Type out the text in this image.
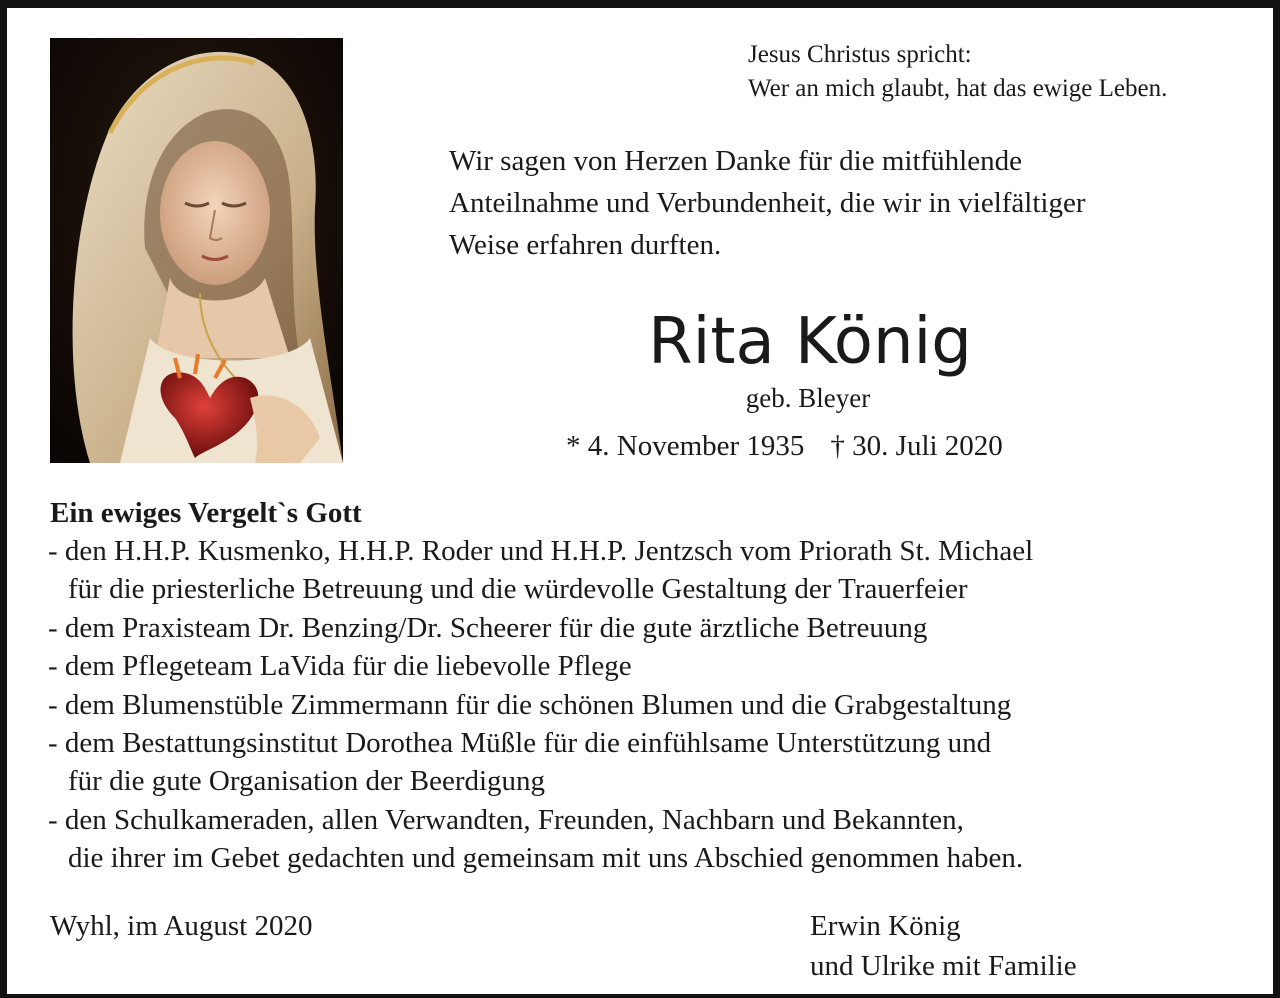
Jesus Christus spricht:
Wer an mich glaubt, hat das ewige Leben.
Wir sagen von Herzen Danke für die mitfühlende
Anteilnahme und Verbundenheit, die wir in vielfältiger
Weise erfahren durften.
Rita König
geb. Bleyer
* 4. November 1935 † 30. Juli 2020
Ein ewiges Vergelt`s Gott
- den H.H.P. Kusmenko, H.H.P. Roder und H.H.P. Jentzsch vom Priorath St. Michael
für die priesterliche Betreuung und die würdevolle Gestaltung der Trauerfeier
- dem Praxisteam Dr. Benzing/Dr. Scheerer für die gute ärztliche Betreuung
- dem Pflegeteam LaVida für die liebevolle Pflege
- dem Blumenstüble Zimmermann für die schönen Blumen und die Grabgestaltung
- dem Bestattungsinstitut Dorothea Müßle für die einfühlsame Unterstützung und
für die gute Organisation der Beerdigung
- den Schulkameraden, allen Verwandten, Freunden, Nachbarn und Bekannten,
die ihrer im Gebet gedachten und gemeinsam mit uns Abschied genommen haben.
Wyhl, im August 2020	Erwin König
und Ulrike mit Familie
